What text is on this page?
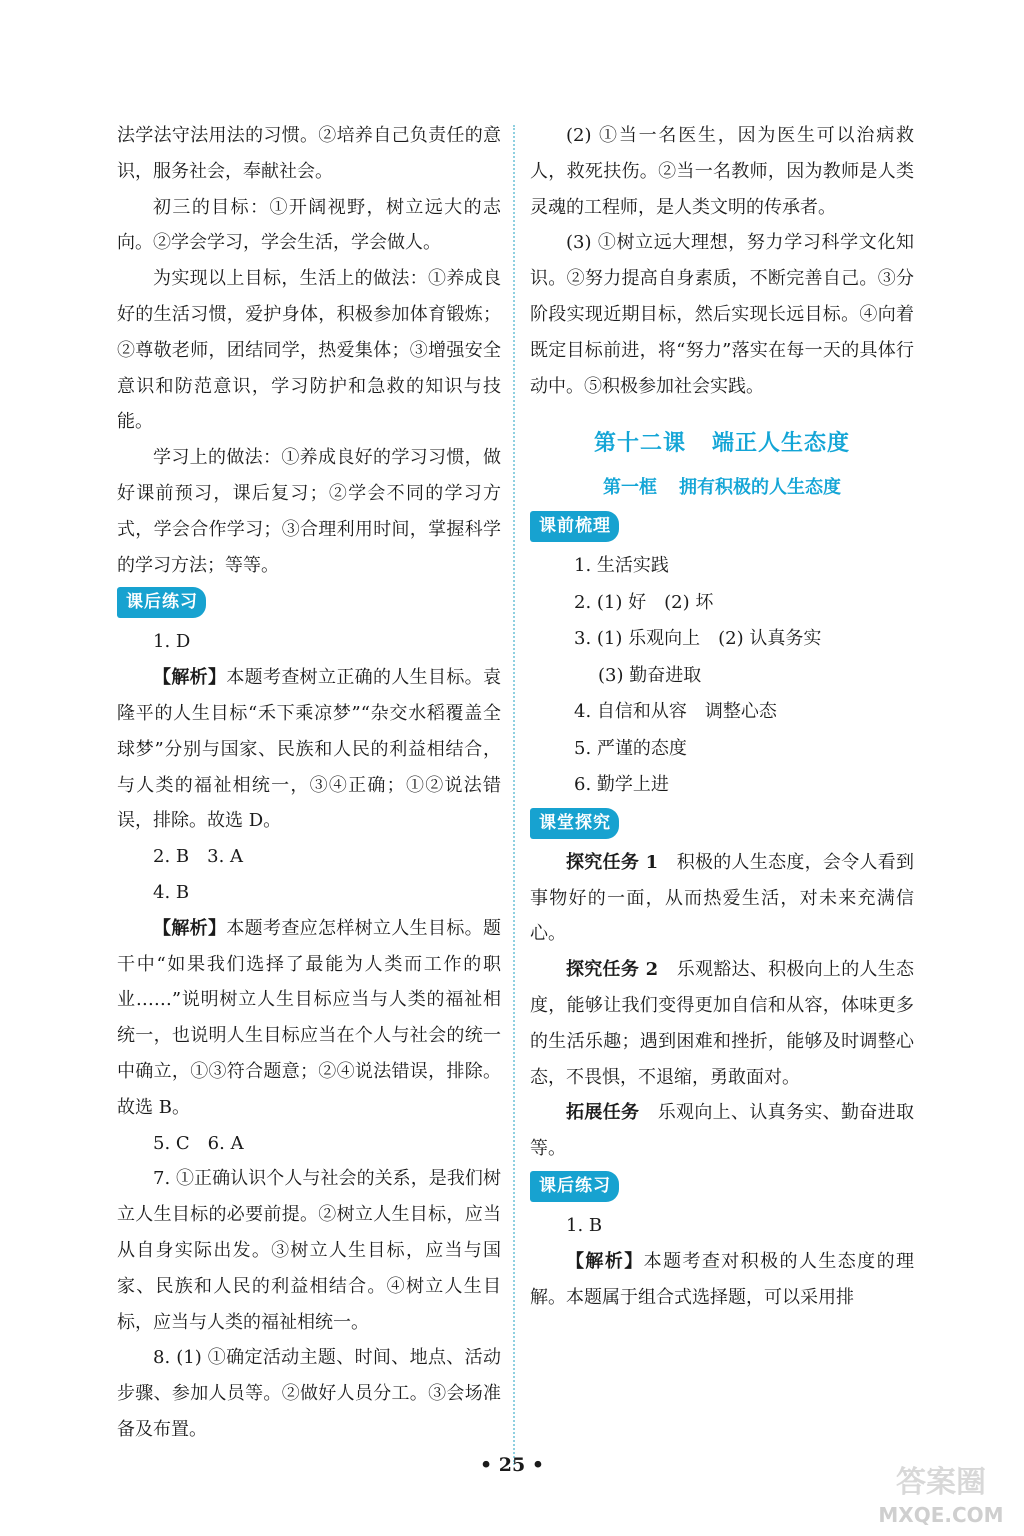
法学法守法用法的习惯。②培养自己负责任的意识，服务社会，奉献社会。

初三的目标：①开阔视野，树立远大的志向。②学会学习，学会生活，学会做人。

为实现以上目标，生活上的做法：①养成良好的生活习惯，爱护身体，积极参加体育锻炼；②尊敬老师，团结同学，热爱集体；③增强安全意识和防范意识，学习防护和急救的知识与技能。

学习上的做法：①养成良好的学习习惯，做好课前预习，课后复习；②学会不同的学习方式，学会合作学习；③合理利用时间，掌握科学的学习方法；等等。

课后练习

1. D

【解析】本题考查树立正确的人生目标。袁隆平的人生目标“禾下乘凉梦”“杂交水稻覆盖全球梦”分别与国家、民族和人民的利益相结合，与人类的福祉相统一，③④正确；①②说法错误，排除。故选 D。

2. B　3. A

4. B

【解析】本题考查应怎样树立人生目标。题干中“如果我们选择了最能为人类而工作的职业……”说明树立人生目标应当与人类的福祉相统一，也说明人生目标应当在个人与社会的统一中确立，①③符合题意；②④说法错误，排除。故选 B。

5. C　6. A

7. ①正确认识个人与社会的关系，是我们树立人生目标的必要前提。②树立人生目标，应当从自身实际出发。③树立人生目标，应当与国家、民族和人民的利益相结合。④树立人生目标，应当与人类的福祉相统一。

8. (1) ①确定活动主题、时间、地点、活动步骤、参加人员等。②做好人员分工。③会场准备及布置。

(2) ①当一名医生，因为医生可以治病救人，救死扶伤。②当一名教师，因为教师是人类灵魂的工程师，是人类文明的传承者。

(3) ①树立远大理想，努力学习科学文化知识。②努力提高自身素质，不断完善自己。③分阶段实现近期目标，然后实现长远目标。④向着既定目标前进，将“努力”落实在每一天的具体行动中。⑤积极参加社会实践。

第十二课 端正人生态度
第一框 拥有积极的人生态度
课前梳理

1. 生活实践

2. (1) 好　(2) 坏

3. (1) 乐观向上　(2) 认真务实

(3) 勤奋进取

4. 自信和从容　调整心态

5. 严谨的态度

6. 勤学上进

课堂探究

探究任务 1　 积极的人生态度，会令人看到事物好的一面，从而热爱生活，对未来充满信心。

探究任务 2　 乐观豁达、积极向上的人生态度，能够让我们变得更加自信和从容，体味更多的生活乐趣；遇到困难和挫折，能够及时调整心态，不畏惧，不退缩，勇敢面对。

拓展任务　 乐观向上、认真务实、勤奋进取等。

课后练习

1. B

【解析】本题考查对积极的人生态度的理解。本题属于组合式选择题，可以采用排

• 25 •	答案圈
MXQE.COM
